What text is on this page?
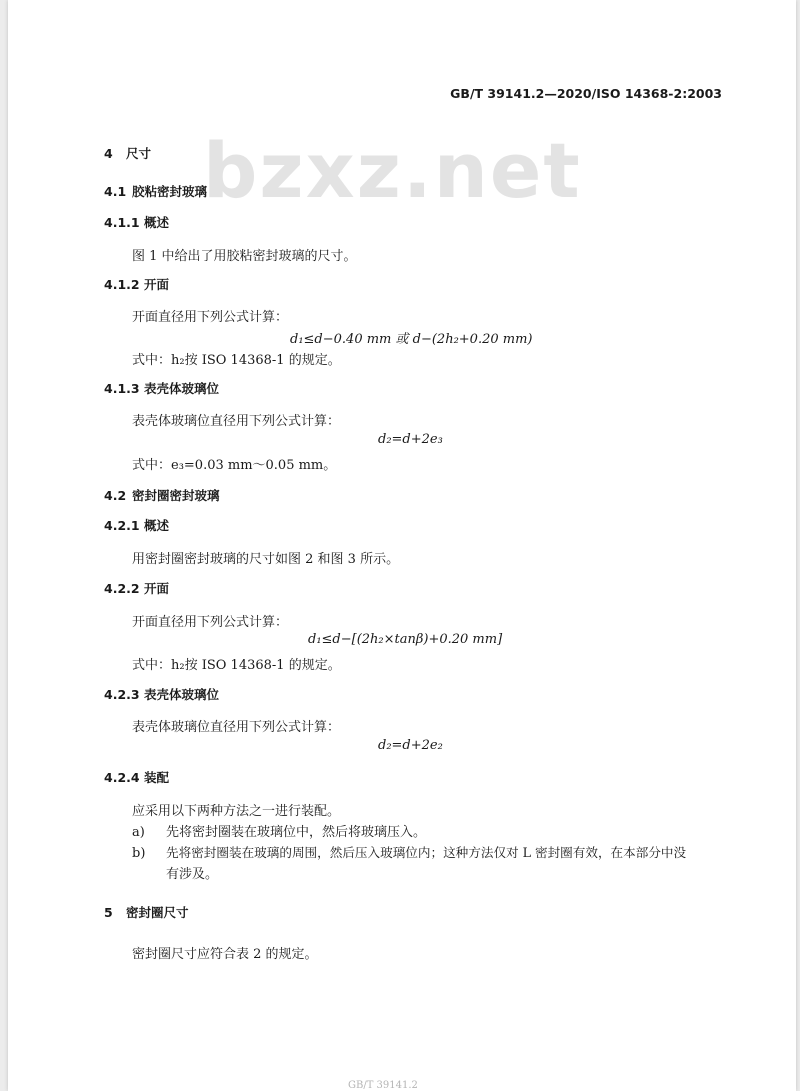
bzxz.net
GB/T 39141.2—2020/ISO 14368-2:2003
4 尺寸
4.1 胶粘密封玻璃
4.1.1 概述
图 1 中给出了用胶粘密封玻璃的尺寸。
4.1.2 开面
开面直径用下列公式计算：
d₁≤d−0.40 mm 或 d−(2h₂+0.20 mm)
式中：h₂按 ISO 14368-1 的规定。
4.1.3 表壳体玻璃位
表壳体玻璃位直径用下列公式计算：
d₂=d+2e₃
式中：e₃=0.03 mm～0.05 mm。
4.2 密封圈密封玻璃
4.2.1 概述
用密封圈密封玻璃的尺寸如图 2 和图 3 所示。
4.2.2 开面
开面直径用下列公式计算：
d₁≤d−[(2h₂×tanβ)+0.20 mm]
式中：h₂按 ISO 14368-1 的规定。
4.2.3 表壳体玻璃位
表壳体玻璃位直径用下列公式计算：
d₂=d+2e₂
4.2.4 装配
应采用以下两种方法之一进行装配。
a) 先将密封圈装在玻璃位中，然后将玻璃压入。
b) 先将密封圈装在玻璃的周围，然后压入玻璃位内；这种方法仅对 L 密封圈有效，在本部分中没
有涉及。
5 密封圈尺寸
密封圈尺寸应符合表 2 的规定。
GB/T 39141.2
